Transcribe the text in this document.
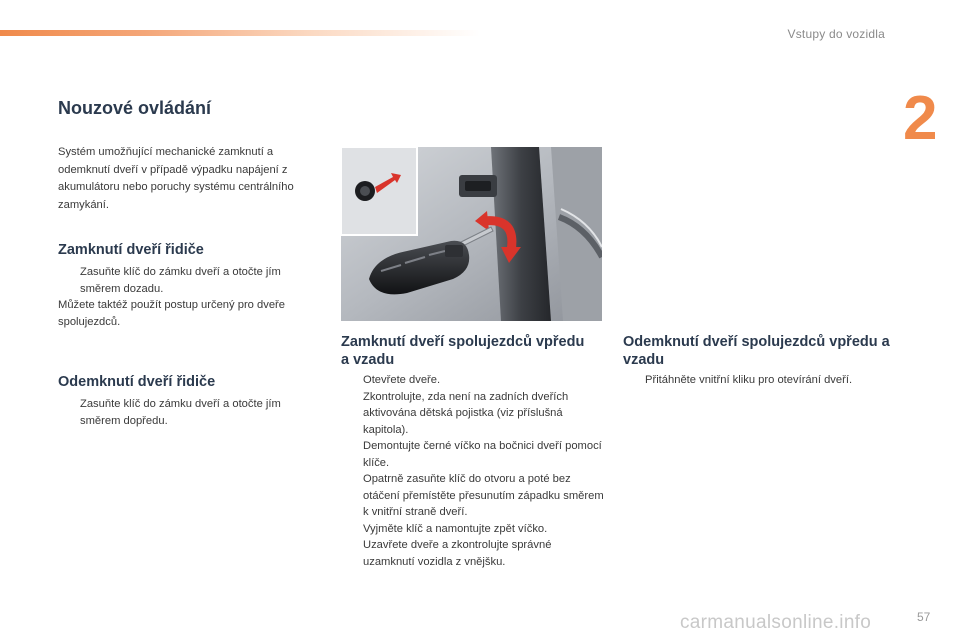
Vstupy do vozidla
2
Nouzové ovládání

Systém umožňující mechanické zamknutí a odemknutí dveří v případě výpadku napájení z akumulátoru nebo poruchy systému centrálního zamykání.

Zamknutí dveří řidiče
Zasuňte klíč do zámku dveří a otočte jím směrem dozadu.
Můžete taktéž použít postup určený pro dveře spolujezdců.
Odemknutí dveří řidiče
Zasuňte klíč do zámku dveří a otočte jím směrem dopředu.
Zamknutí dveří spolujezdců vpředu a vzadu
Otevřete dveře.
Zkontrolujte, zda není na zadních dveřích aktivována dětská pojistka (viz příslušná kapitola).
Demontujte černé víčko na bočnici dveří pomocí klíče.
Opatrně zasuňte klíč do otvoru a poté bez otáčení přemístěte přesunutím západku směrem k vnitřní straně dveří.
Vyjměte klíč a namontujte zpět víčko.
Uzavřete dveře a zkontrolujte správné uzamknutí vozidla z vnějšku.
Odemknutí dveří spolujezdců vpředu a vzadu
Přitáhněte vnitřní kliku pro otevírání dveří.
carmanualsonline.info	57
